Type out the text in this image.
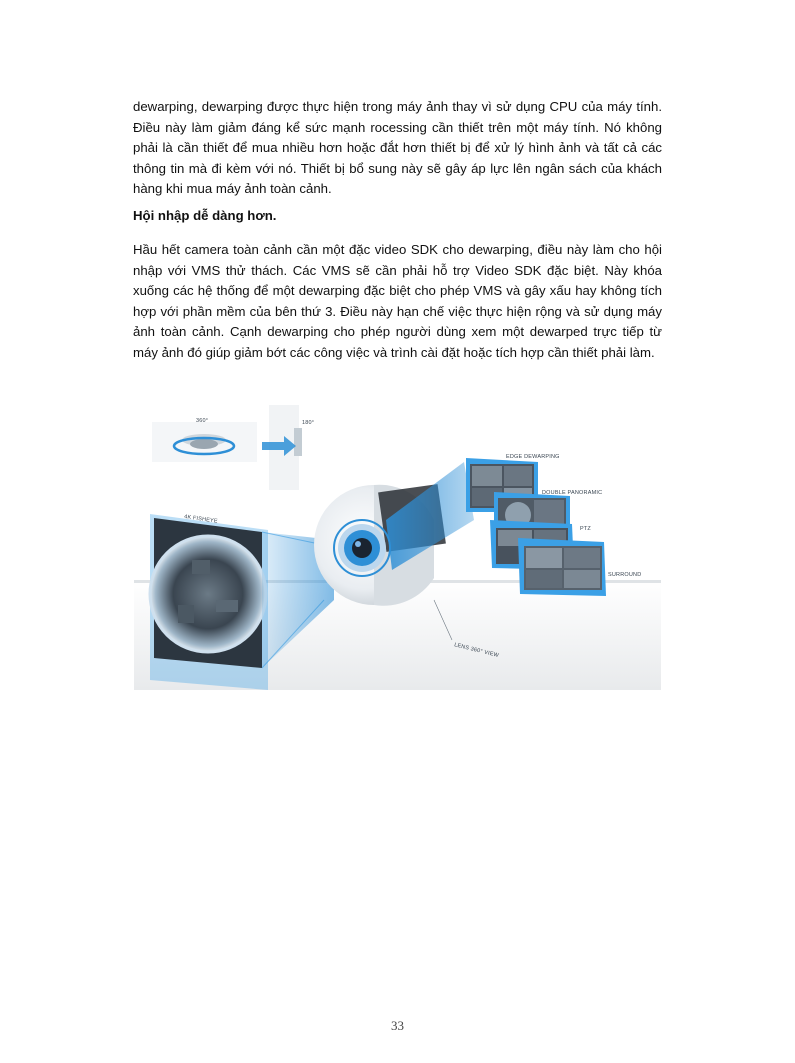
dewarping, dewarping được thực hiện trong máy ảnh thay vì sử dụng CPU của máy tính. Điều này làm giảm đáng kể sức mạnh rocessing cần thiết trên một máy tính. Nó không phải là cần thiết để mua nhiều hơn hoặc đắt hơn thiết bị để xử lý hình ảnh và tất cả các thông tin mà đi kèm với nó. Thiết bị bổ sung này sẽ gây áp lực lên ngân sách của khách hàng khi mua máy ảnh toàn cảnh.

Hội nhập dễ dàng hơn.

Hầu hết camera toàn cảnh cần một đặc video SDK cho dewarping, điều này làm cho hội nhập với VMS thử thách. Các VMS sẽ cần phải hỗ trợ Video SDK đặc biệt. Này khóa xuống các hệ thống để một dewarping đặc biệt cho phép VMS và gây xấu hay không tích hợp với phần mềm của bên thứ 3. Điều này hạn chế việc thực hiện rộng và sử dụng máy ảnh toàn cảnh. Cạnh dewarping cho phép người dùng xem một dewarped trực tiếp từ máy ảnh đó giúp giảm bớt các công việc và trình cài đặt hoặc tích hợp cần thiết phải làm.

360°	180°
4K FISHEYE
EDGE DEWARPING
DOUBLE PANORAMIC
PTZ
SURROUND
LENS 360° VIEW
33
